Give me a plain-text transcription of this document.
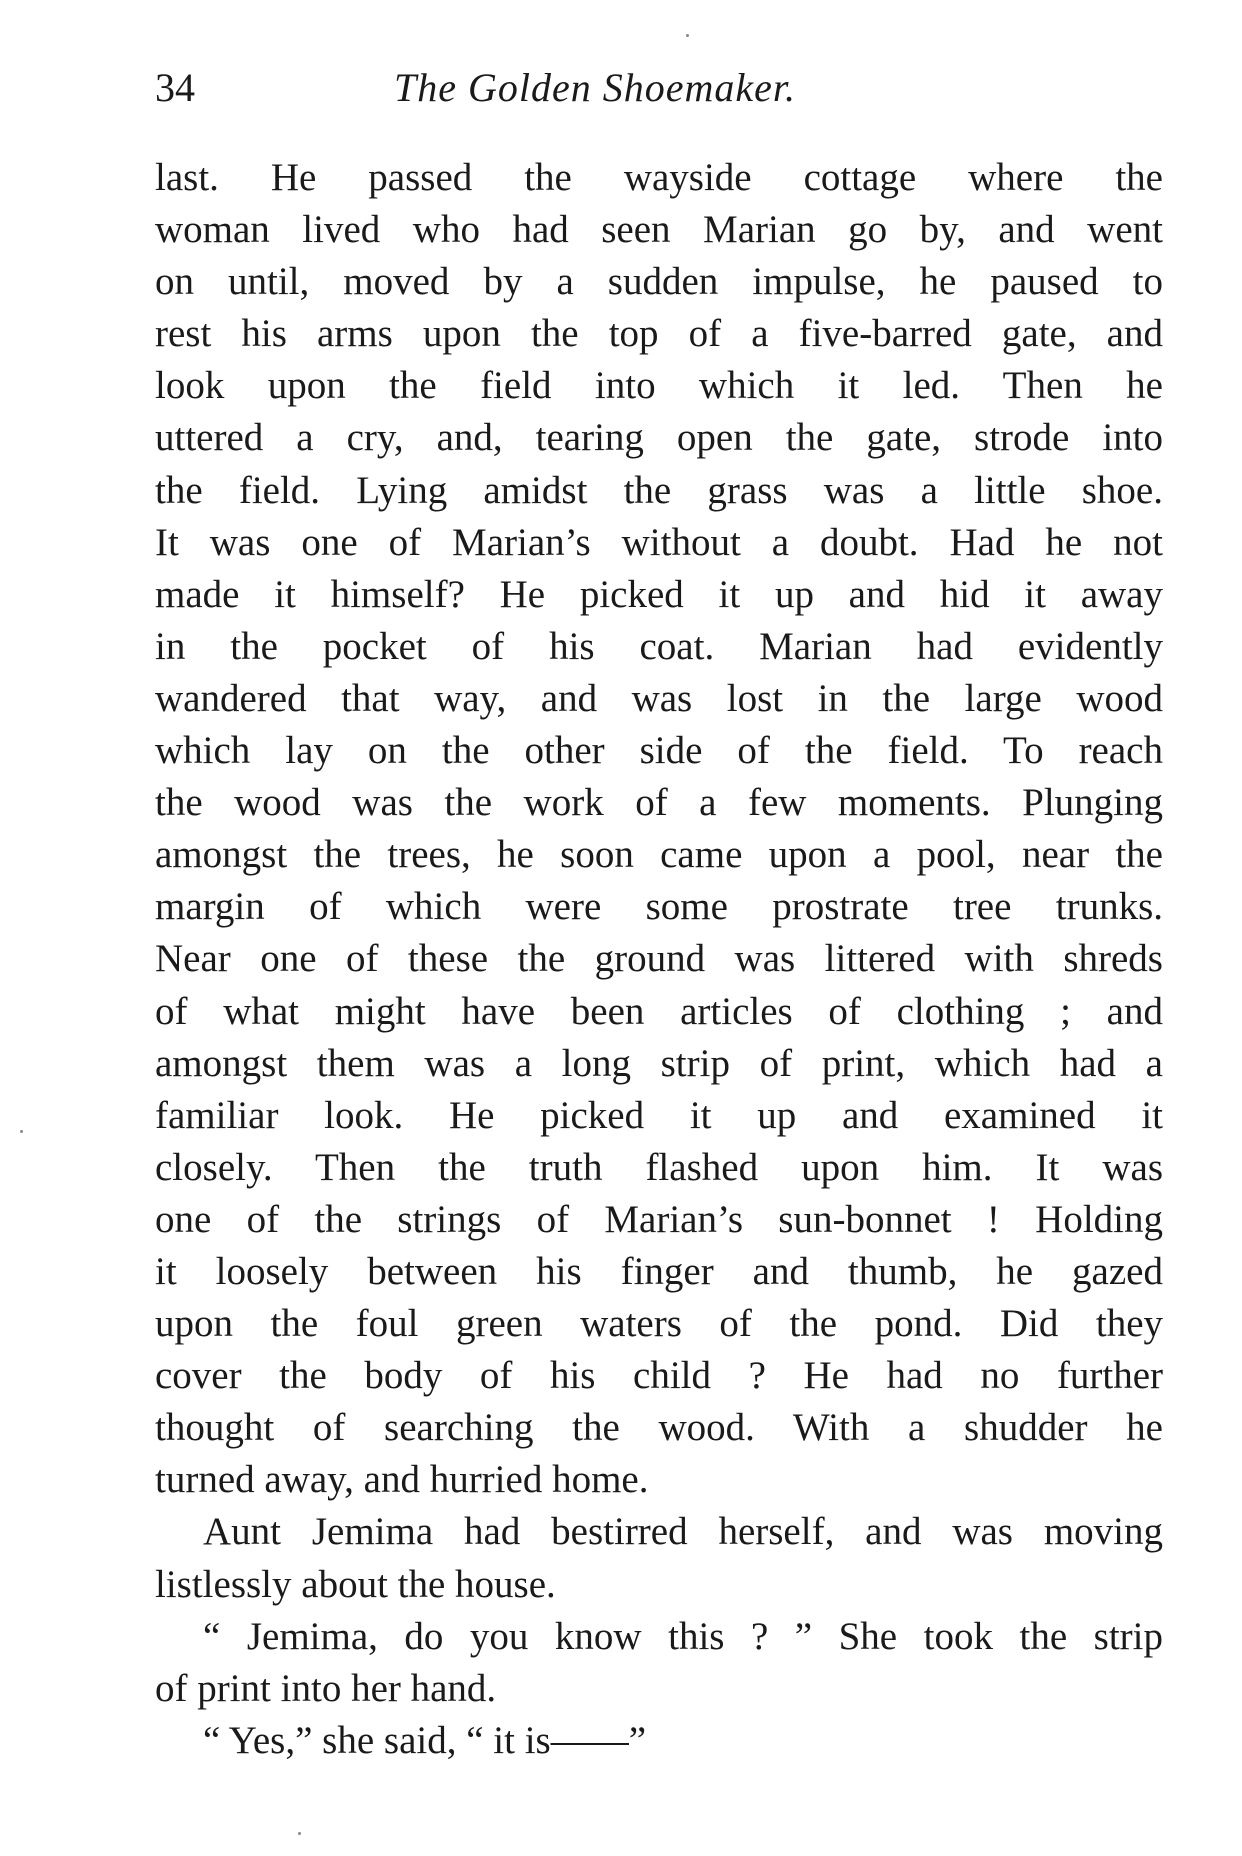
34	The Golden Shoemaker.
last. He passed the wayside cottage where the
woman lived who had seen Marian go by, and went
on until, moved by a sudden impulse, he paused to
rest his arms upon the top of a five-barred gate, and
look upon the field into which it led. Then he
uttered a cry, and, tearing open the gate, strode into
the field. Lying amidst the grass was a little shoe.
It was one of Marian’s without a doubt. Had he not
made it himself? He picked it up and hid it away
in the pocket of his coat. Marian had evidently
wandered that way, and was lost in the large wood
which lay on the other side of the field. To reach
the wood was the work of a few moments. Plunging
amongst the trees, he soon came upon a pool, near the
margin of which were some prostrate tree trunks.
Near one of these the ground was littered with shreds
of what might have been articles of clothing ; and
amongst them was a long strip of print, which had a
familiar look. He picked it up and examined it
closely. Then the truth flashed upon him. It was
one of the strings of Marian’s sun-bonnet ! Holding
it loosely between his finger and thumb, he gazed
upon the foul green waters of the pond. Did they
cover the body of his child ? He had no further
thought of searching the wood. With a shudder he
turned away, and hurried home.
Aunt Jemima had bestirred herself, and was moving
listlessly about the house.
“ Jemima, do you know this ? ” She took the strip
of print into her hand.
“ Yes,” she said, “ it is——”
